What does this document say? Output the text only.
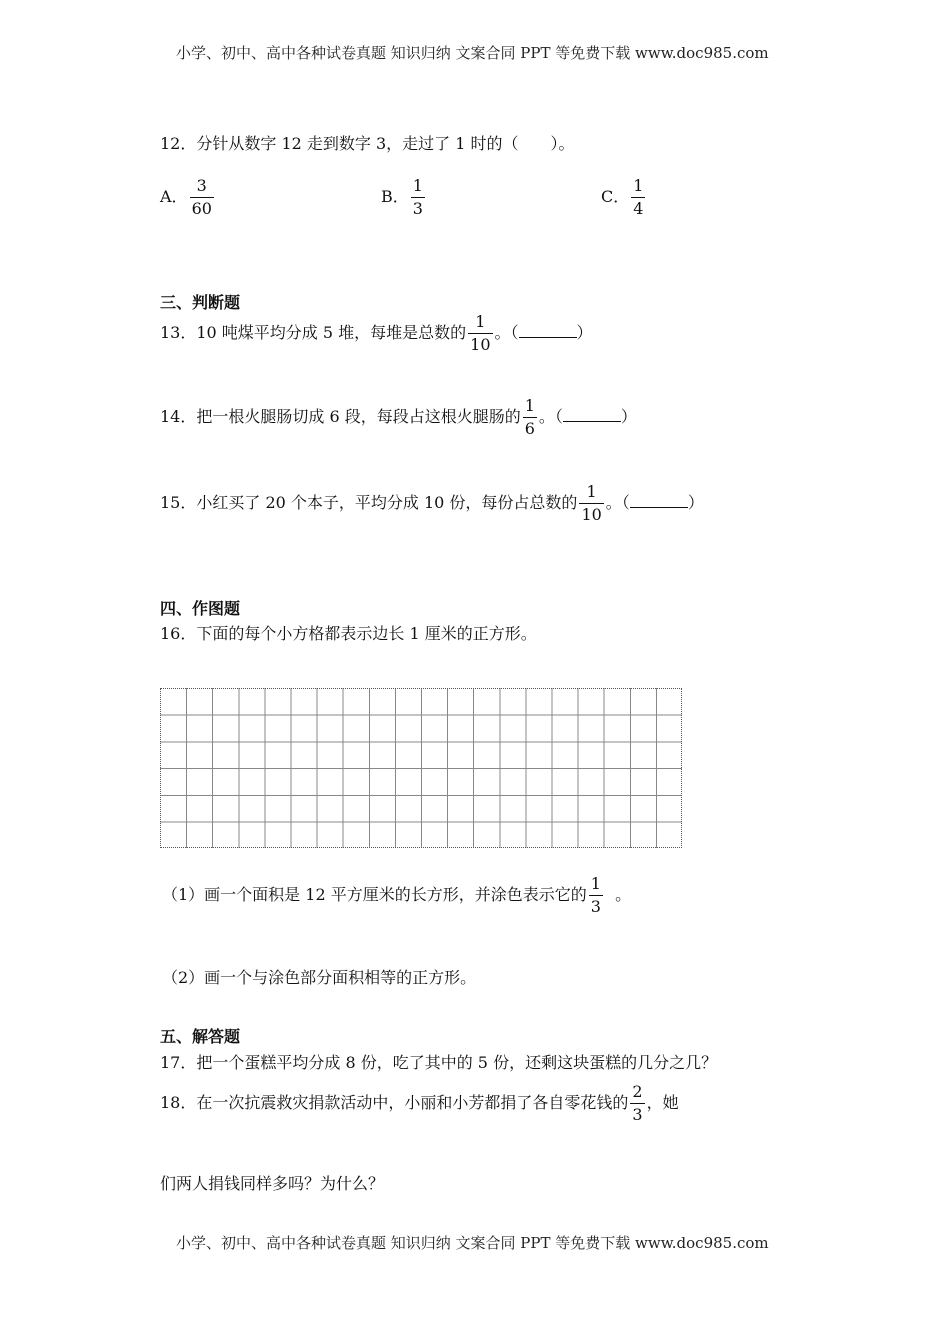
小学、初中、高中各种试卷真题 知识归纳 文案合同 PPT 等免费下载 www.doc985.com
12．分针从数字 12 走到数字 3，走过了 1 时的（　　）。
A． $\frac{3}{60}$	B． $\frac{1}{3}$	C． $\frac{1}{4}$
三、判断题
13．10 吨煤平均分成 5 堆，每堆是总数的 $\frac{1}{10}$ 。（	）
14．把一根火腿肠切成 6 段，每段占这根火腿肠的 $\frac{1}{6}$ 。（	）
15．小红买了 20 个本子，平均分成 10 份，每份占总数的 $\frac{1}{10}$ 。（	）
四、作图题
16．下面的每个小方格都表示边长 1 厘米的正方形。
（1）画一个面积是 12 平方厘米的长方形，并涂色表示它的 $\frac{1}{3}$ 。
（2）画一个与涂色部分面积相等的正方形。
五、解答题
17．把一个蛋糕平均分成 8 份，吃了其中的 5 份，还剩这块蛋糕的几分之几？
18．在一次抗震救灾捐款活动中，小丽和小芳都捐了各自零花钱的 $\frac{2}{3}$ ，她
们两人捐钱同样多吗？为什么？
小学、初中、高中各种试卷真题 知识归纳 文案合同 PPT 等免费下载 www.doc985.com
